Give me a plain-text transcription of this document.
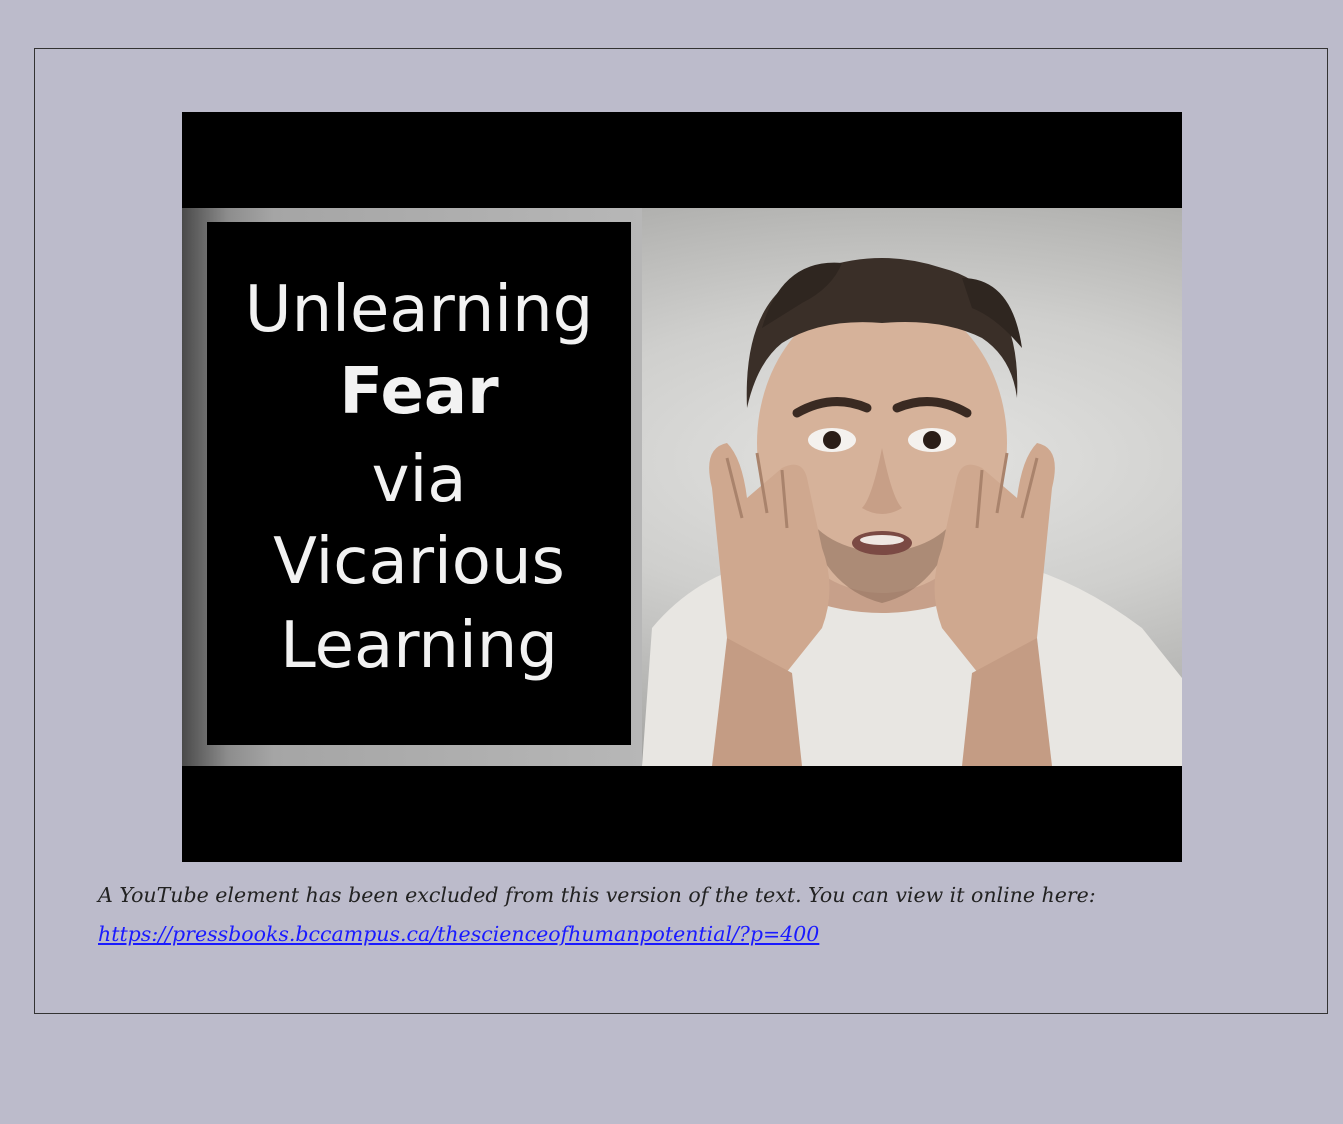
Unlearning
Fear
via
Vicarious
Learning
A YouTube element has been excluded from this version of the text. You can view it online here:
https://pressbooks.bccampus.ca/thescienceofhumanpotential/?p=400
